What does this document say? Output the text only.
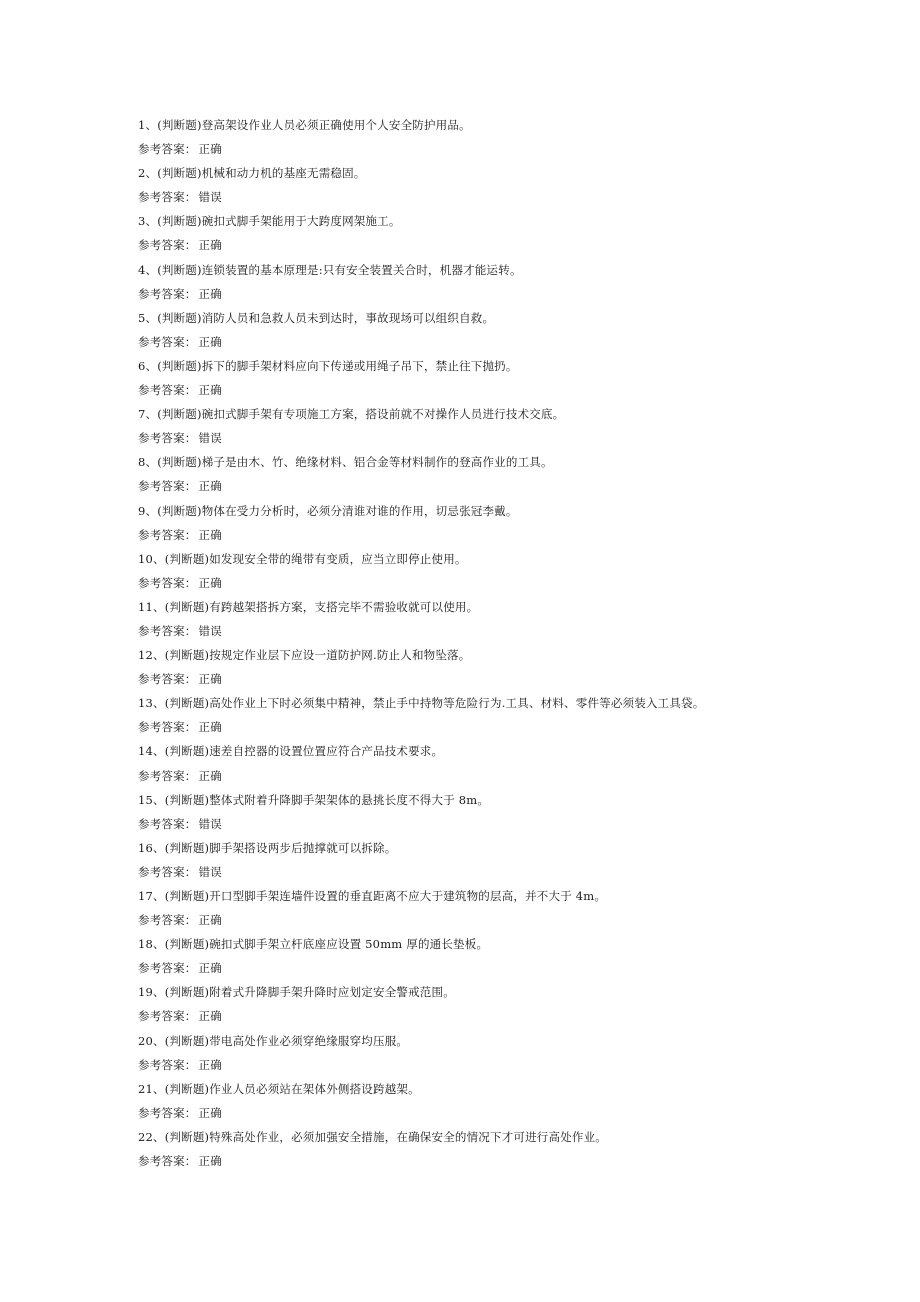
1、(判断题)登高架设作业人员必须正确使用个人安全防护用品。
参考答案： 正确
2、(判断题)机械和动力机的基座无需稳固。
参考答案： 错误
3、(判断题)碗扣式脚手架能用于大跨度网架施工。
参考答案： 正确
4、(判断题)连锁装置的基本原理是:只有安全装置关合时，机器才能运转。
参考答案： 正确
5、(判断题)消防人员和急救人员未到达时，事故现场可以组织自救。
参考答案： 正确
6、(判断题)拆下的脚手架材料应向下传递或用绳子吊下，禁止往下抛扔。
参考答案： 正确
7、(判断题)碗扣式脚手架有专项施工方案，搭设前就不对操作人员进行技术交底。
参考答案： 错误
8、(判断题)梯子是由木、竹、绝缘材料、铝合金等材料制作的登高作业的工具。
参考答案： 正确
9、(判断题)物体在受力分析时，必须分清谁对谁的作用，切忌张冠李戴。
参考答案： 正确
10、(判断题)如发现安全带的绳带有变质，应当立即停止使用。
参考答案： 正确
11、(判断题)有跨越架搭拆方案，支搭完毕不需验收就可以使用。
参考答案： 错误
12、(判断题)按规定作业层下应设一道防护网.防止人和物坠落。
参考答案： 正确
13、(判断题)高处作业上下时必须集中精神，禁止手中持物等危险行为.工具、材料、零件等必须装入工具袋。
参考答案： 正确
14、(判断题)速差自控器的设置位置应符合产品技术要求。
参考答案： 正确
15、(判断题)整体式附着升降脚手架架体的悬挑长度不得大于 8m。
参考答案： 错误
16、(判断题)脚手架搭设两步后抛撑就可以拆除。
参考答案： 错误
17、(判断题)开口型脚手架连墙件设置的垂直距离不应大于建筑物的层高，并不大于 4m。
参考答案： 正确
18、(判断题)碗扣式脚手架立杆底座应设置 50mm 厚的通长垫板。
参考答案： 正确
19、(判断题)附着式升降脚手架升降时应划定安全警戒范围。
参考答案： 正确
20、(判断题)带电高处作业必须穿绝缘服穿均压服。
参考答案： 正确
21、(判断题)作业人员必须站在架体外侧搭设跨越架。
参考答案： 正确
22、(判断题)特殊高处作业，必须加强安全措施，在确保安全的情况下才可进行高处作业。
参考答案： 正确
